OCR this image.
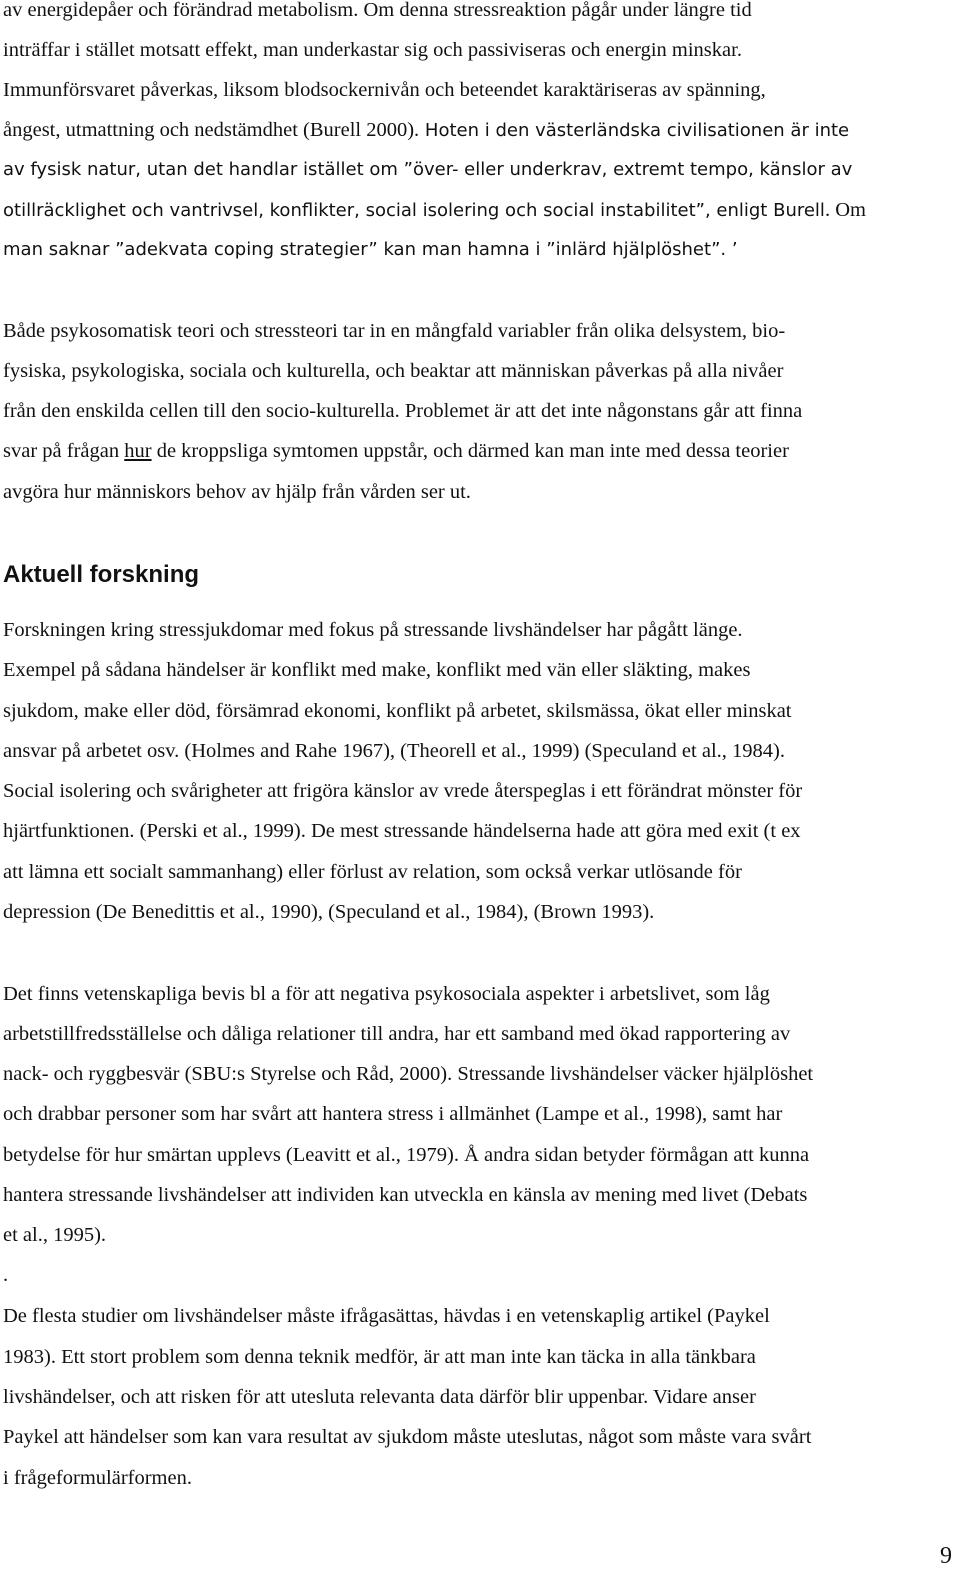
av energidepåer och förändrad metabolism. Om denna stressreaktion pågår under längre tid
inträffar i stället motsatt effekt, man underkastar sig och passiviseras och energin minskar.
Immunförsvaret påverkas, liksom blodsockernivån och beteendet karaktäriseras av spänning,
ångest, utmattning och nedstämdhet (Burell 2000). Hoten i den västerländska civilisationen är inte
av fysisk natur, utan det handlar istället om ”över- eller underkrav, extremt tempo, känslor av
otillräcklighet och vantrivsel, konflikter, social isolering och social instabilitet”, enligt Burell. Om
man saknar ”adekvata coping strategier” kan man hamna i ”inlärd hjälplöshet”. ’
Både psykosomatisk teori och stressteori tar in en mångfald variabler från olika delsystem, bio-
fysiska, psykologiska, sociala och kulturella, och beaktar att människan påverkas på alla nivåer
från den enskilda cellen till den socio-kulturella. Problemet är att det inte någonstans går att finna
svar på frågan hur de kroppsliga symtomen uppstår, och därmed kan man inte med dessa teorier
avgöra hur människors behov av hjälp från vården ser ut.
Aktuell forskning
Forskningen kring stressjukdomar med fokus på stressande livshändelser har pågått länge.
Exempel på sådana händelser är konflikt med make, konflikt med vän eller släkting, makes
sjukdom, make eller död, försämrad ekonomi, konflikt på arbetet, skilsmässa, ökat eller minskat
ansvar på arbetet osv. (Holmes and Rahe 1967), (Theorell et al., 1999) (Speculand et al., 1984).
Social isolering och svårigheter att frigöra känslor av vrede återspeglas i ett förändrat mönster för
hjärtfunktionen. (Perski et al., 1999). De mest stressande händelserna hade att göra med exit (t ex
att lämna ett socialt sammanhang) eller förlust av relation, som också verkar utlösande för
depression (De Benedittis et al., 1990), (Speculand et al., 1984), (Brown 1993).
Det finns vetenskapliga bevis bl a för att negativa psykosociala aspekter i arbetslivet, som låg
arbetstillfredsställelse och dåliga relationer till andra, har ett samband med ökad rapportering av
nack- och ryggbesvär (SBU:s Styrelse och Råd, 2000). Stressande livshändelser väcker hjälplöshet
och drabbar personer som har svårt att hantera stress i allmänhet (Lampe et al., 1998), samt har
betydelse för hur smärtan upplevs (Leavitt et al., 1979). Å andra sidan betyder förmågan att kunna
hantera stressande livshändelser att individen kan utveckla en känsla av mening med livet (Debats
et al., 1995).
.
De flesta studier om livshändelser måste ifrågasättas, hävdas i en vetenskaplig artikel (Paykel
1983). Ett stort problem som denna teknik medför, är att man inte kan täcka in alla tänkbara
livshändelser, och att risken för att utesluta relevanta data därför blir uppenbar. Vidare anser
Paykel att händelser som kan vara resultat av sjukdom måste uteslutas, något som måste vara svårt
i frågeformulärformen.
9
